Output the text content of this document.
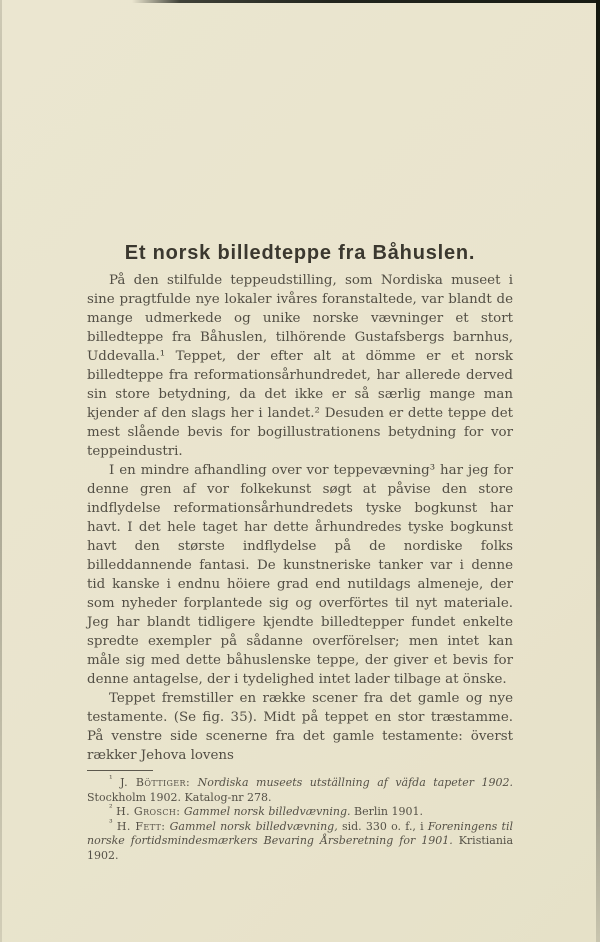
Et norsk billedteppe fra Båhuslen.

På den stilfulde teppeudstilling, som Nordiska museet i sine pragtfulde nye lokaler ivåres foranstaltede, var blandt de mange udmerkede og unike norske vævninger et stort billedteppe fra Båhuslen, tilhörende Gustafsbergs barnhus, Uddevalla.¹ Teppet, der efter alt at dömme er et norsk billedteppe fra reformationsårhundredet, har allerede derved sin store betydning, da det ikke er så særlig mange man kjender af den slags her i landet.² Desuden er dette teppe det mest slående bevis for bogillustrationens betydning for vor teppeindustri.

I en mindre afhandling over vor teppevævning³ har jeg for denne gren af vor folkekunst søgt at påvise den store indflydelse reformationsårhundredets tyske bogkunst har havt. I det hele taget har dette århundredes tyske bogkunst havt den største indflydelse på de nordiske folks billeddannende fantasi. De kunstneriske tanker var i denne tid kanske i endnu höiere grad end nutildags almeneje, der som nyheder forplantede sig og overförtes til nyt materiale. Jeg har blandt tidligere kjendte billedtepper fundet enkelte spredte exempler på sådanne overförelser; men intet kan måle sig med dette båhuslenske teppe, der giver et bevis for denne antagelse, der i tydelighed intet lader tilbage at önske.

Teppet fremstiller en række scener fra det gamle og nye testamente. (Se fig. 35). Midt på teppet en stor træstamme. På venstre side scenerne fra det gamle testamente: överst rækker Jehova lovens

$^{^1}$ J. Böttiger: Nordiska museets utställning af väfda tapeter 1902. Stockholm 1902. Katalog-nr 278.

$^{^2}$ H. Grosch: Gammel norsk billedvævning. Berlin 1901.

$^{^3}$ H. Fett: Gammel norsk billedvævning, sid. 330 o. f., i Foreningens til norske fortidsmindesmærkers Bevaring Årsberetning for 1901. Kristiania 1902.
